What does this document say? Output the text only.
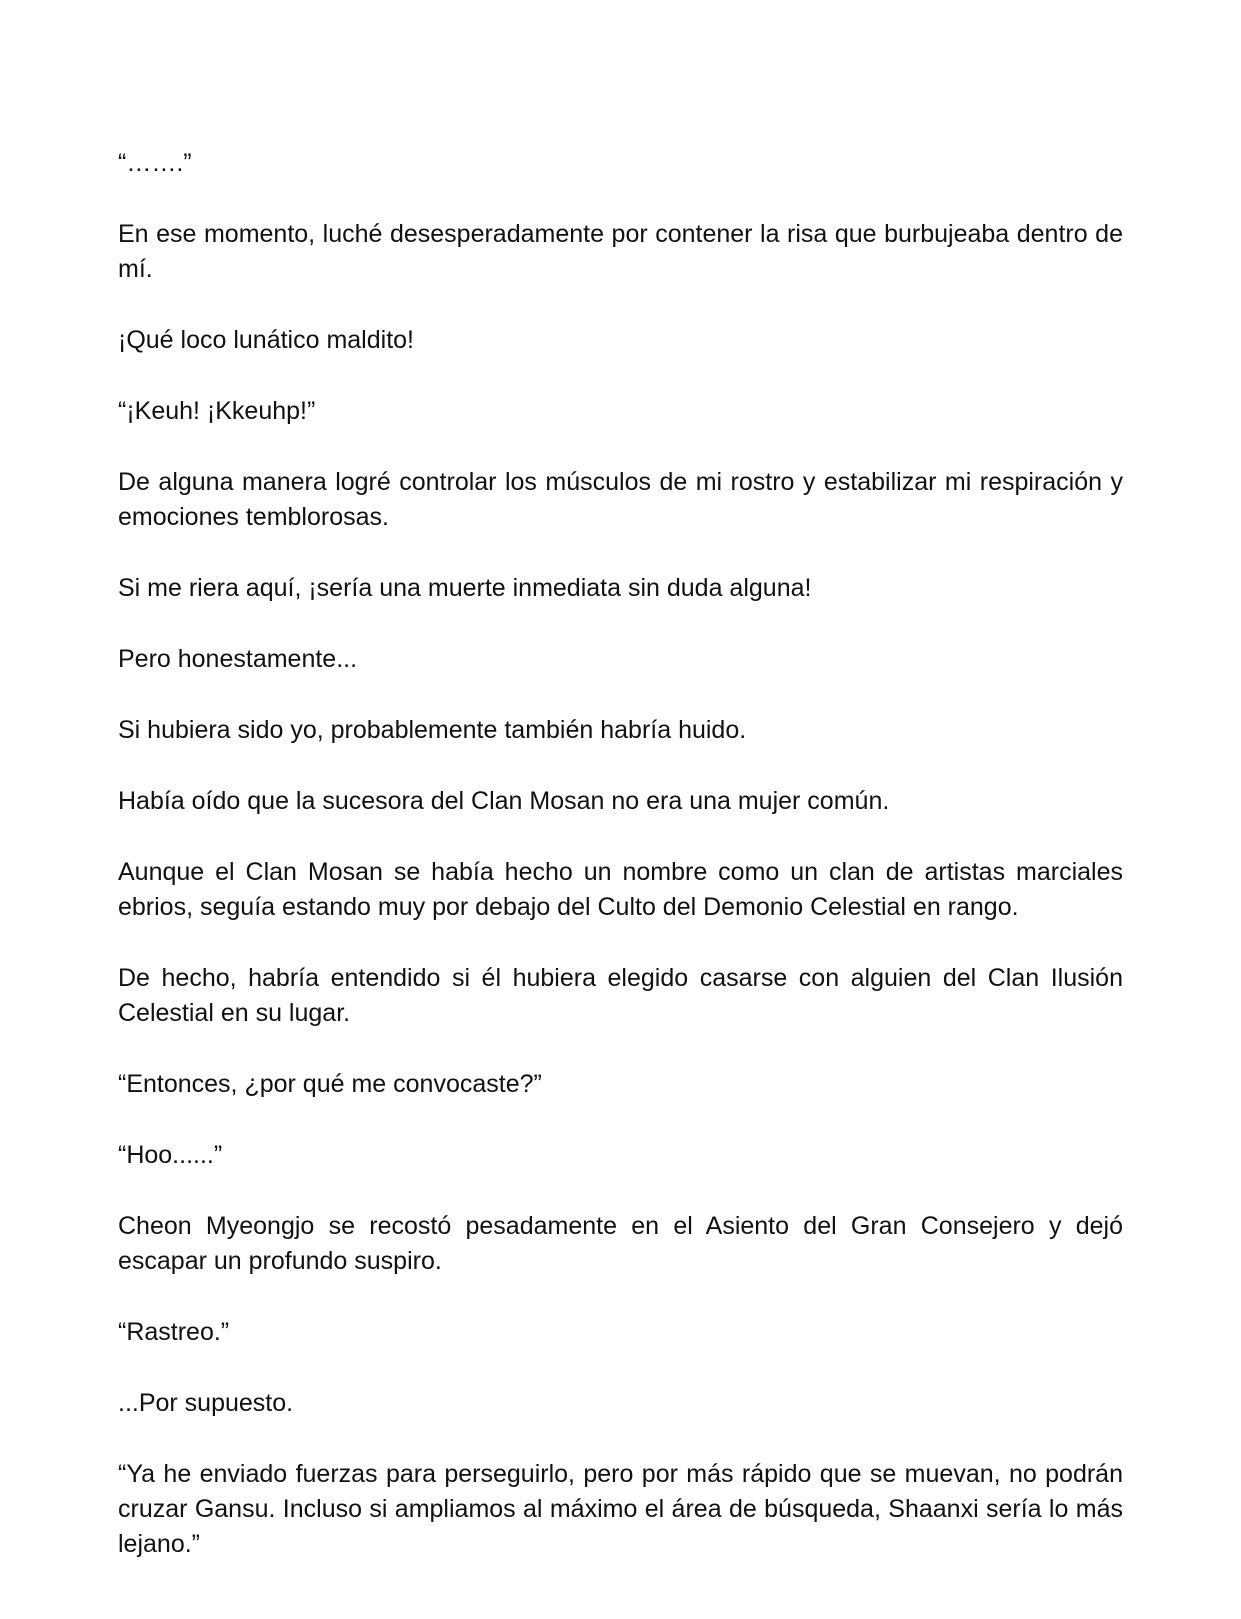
“…….”

En ese momento, luché desesperadamente por contener la risa que burbujeaba dentro de mí.

¡Qué loco lunático maldito!

“¡Keuh! ¡Kkeuhp!”

De alguna manera logré controlar los músculos de mi rostro y estabilizar mi respiración y emociones temblorosas.

Si me riera aquí, ¡sería una muerte inmediata sin duda alguna!

Pero honestamente...

Si hubiera sido yo, probablemente también habría huido.

Había oído que la sucesora del Clan Mosan no era una mujer común.

Aunque el Clan Mosan se había hecho un nombre como un clan de artistas marciales ebrios, seguía estando muy por debajo del Culto del Demonio Celestial en rango.

De hecho, habría entendido si él hubiera elegido casarse con alguien del Clan Ilusión Celestial en su lugar.

“Entonces, ¿por qué me convocaste?”

“Hoo......”

Cheon Myeongjo se recostó pesadamente en el Asiento del Gran Consejero y dejó escapar un profundo suspiro.

“Rastreo.”

...Por supuesto.

“Ya he enviado fuerzas para perseguirlo, pero por más rápido que se muevan, no podrán cruzar Gansu. Incluso si ampliamos al máximo el área de búsqueda, Shaanxi sería lo más lejano.”
